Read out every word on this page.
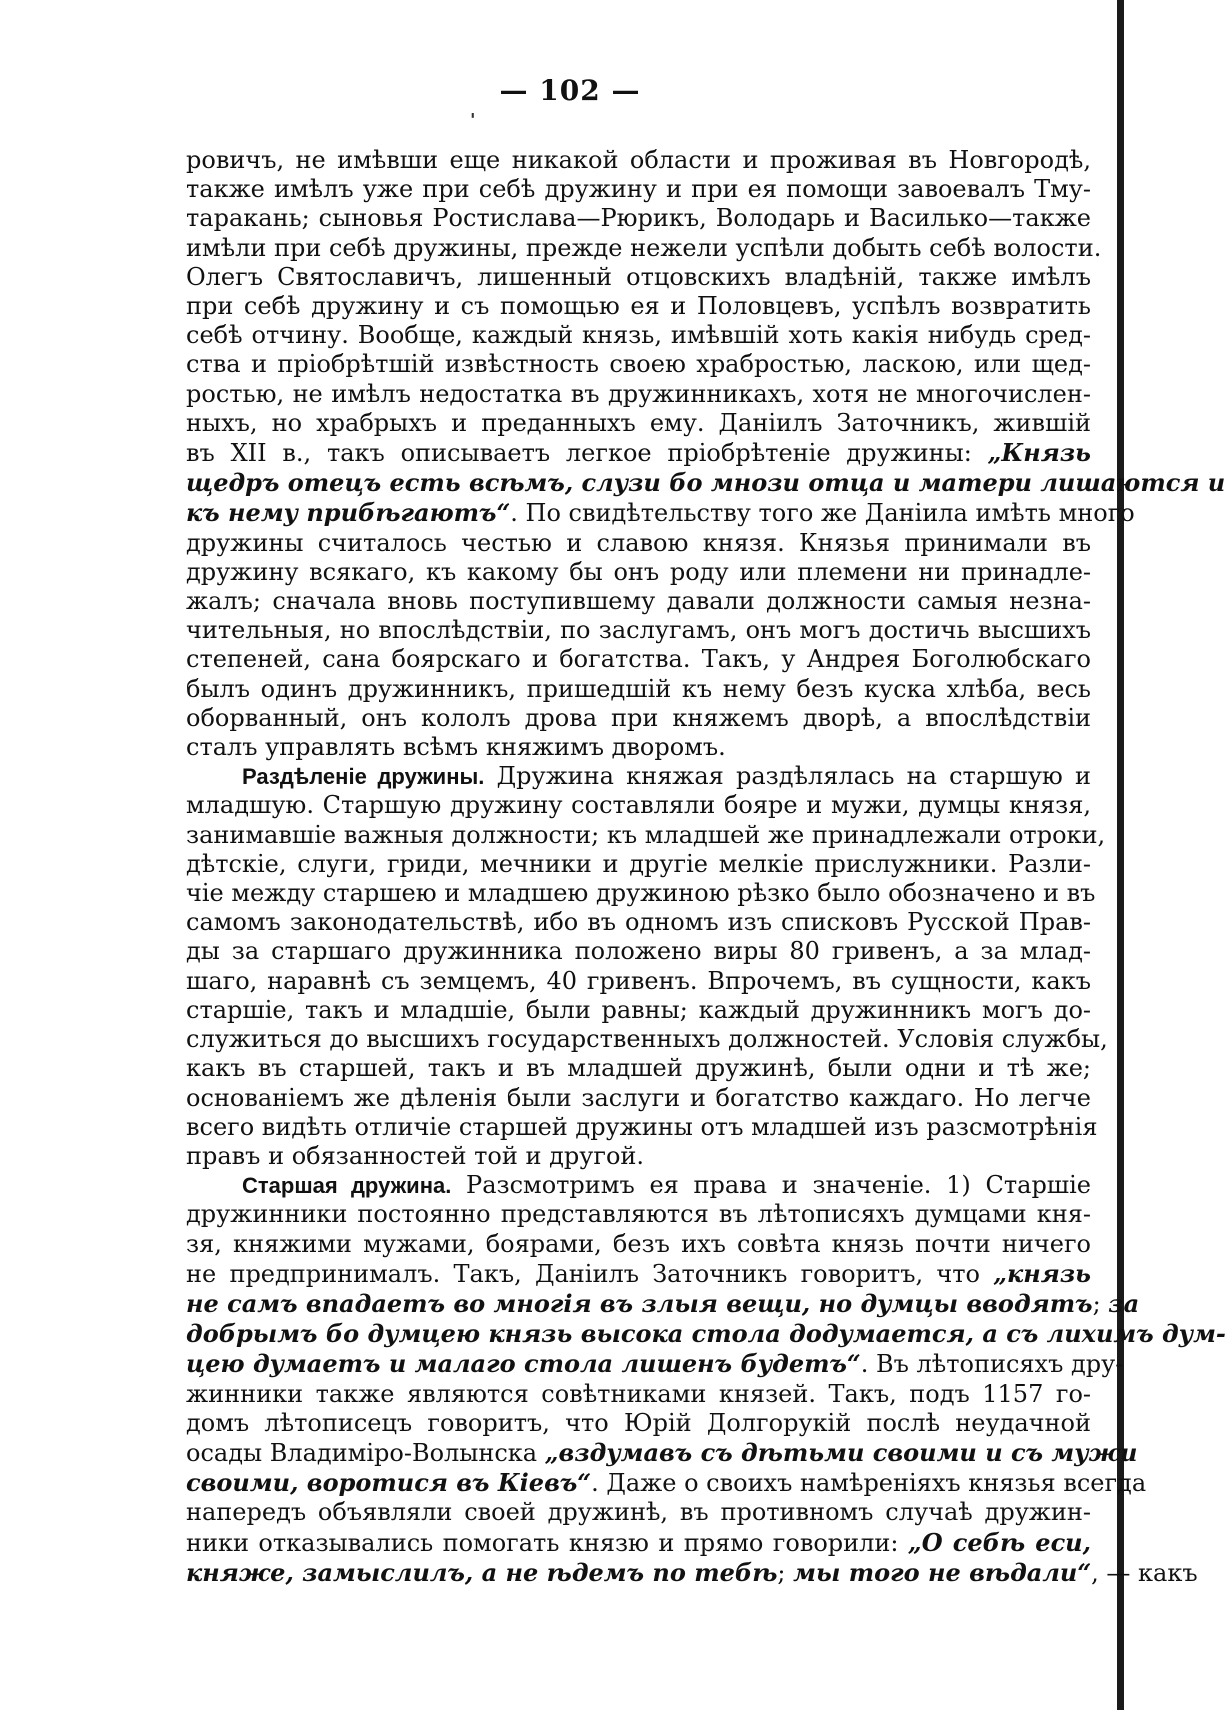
— 102 —
'
ровичъ, не имѣвши еще никакой области и проживая въ Новгородѣ,
также имѣлъ уже при себѣ дружину и при ея помощи завоевалъ Тму-
таракань; сыновья Ростислава—Рюрикъ, Володарь и Василько—также
имѣли при себѣ дружины, прежде нежели успѣли добыть себѣ волости.
Олегъ Святославичъ, лишенный отцовскихъ владѣній, также имѣлъ
при себѣ дружину и съ помощью ея и Половцевъ, успѣлъ возвратить
себѣ отчину. Вообще, каждый князь, имѣвшій хоть какія нибудь сред-
ства и пріобрѣтшій извѣстность своею храбростью, ласкою, или щед-
ростью, не имѣлъ недостатка въ дружинникахъ, хотя не многочислен-
ныхъ, но храбрыхъ и преданныхъ ему. Даніилъ Заточникъ, жившій
въ XII в., такъ описываетъ легкое пріобрѣтеніе дружины: „Князь
щедръ отецъ есть всѣмъ, слузи бо мнози отца и матери лишаются и
къ нему прибѣгаютъ“. По свидѣтельству того же Даніила имѣть много
дружины считалось честью и славою князя. Князья принимали въ
дружину всякаго, къ какому бы онъ роду или племени ни принадле-
жалъ; сначала вновь поступившему давали должности самыя незна-
чительныя, но впослѣдствіи, по заслугамъ, онъ могъ достичь высшихъ
степеней, сана боярскаго и богатства. Такъ, у Андрея Боголюбскаго
былъ одинъ дружинникъ, пришедшій къ нему безъ куска хлѣба, весь
оборванный, онъ кололъ дрова при княжемъ дворѣ, а впослѣдствіи
сталъ управлять всѣмъ княжимъ дворомъ.
Раздѣленіе дружины. Дружина княжая раздѣлялась на старшую и
младшую. Старшую дружину составляли бояре и мужи, думцы князя,
занимавшіе важныя должности; къ младшей же принадлежали отроки,
дѣтскіе, слуги, гриди, мечники и другіе мелкіе прислужники. Разли-
чіе между старшею и младшею дружиною рѣзко было обозначено и въ
самомъ законодательствѣ, ибо въ одномъ изъ списковъ Русской Прав-
ды за старшаго дружинника положено виры 80 гривенъ, а за млад-
шаго, наравнѣ съ земцемъ, 40 гривенъ. Впрочемъ, въ сущности, какъ
старшіе, такъ и младшіе, были равны; каждый дружинникъ могъ до-
служиться до высшихъ государственныхъ должностей. Условія службы,
какъ въ старшей, такъ и въ младшей дружинѣ, были одни и тѣ же;
основаніемъ же дѣленія были заслуги и богатство каждаго. Но легче
всего видѣть отличіе старшей дружины отъ младшей изъ разсмотрѣнія
правъ и обязанностей той и другой.
Старшая дружина. Разсмотримъ ея права и значеніе. 1) Старшіе
дружинники постоянно представляются въ лѣтописяхъ думцами кня-
зя, княжими мужами, боярами, безъ ихъ совѣта князь почти ничего
не предпринималъ. Такъ, Даніилъ Заточникъ говоритъ, что „князь
не самъ впадаетъ во многія въ злыя вещи, но думцы вводятъ; за
добрымъ бо думцею князь высока стола додумается, а съ лихимъ дум-
цею думаетъ и малаго стола лишенъ будетъ“. Въ лѣтописяхъ дру-
жинники также являются совѣтниками князей. Такъ, подъ 1157 го-
домъ лѣтописецъ говоритъ, что Юрій Долгорукій послѣ неудачной
осады Владиміро-Волынска „вздумавъ съ дѣтьми своими и съ мужи
своими, воротися въ Кіевъ“. Даже о своихъ намѣреніяхъ князья всегда
напередъ объявляли своей дружинѣ, въ противномъ случаѣ дружин-
ники отказывались помогать князю и прямо говорили: „О себѣ еси,
княже, замыслилъ, а не ѣдемъ по тебѣ; мы того не вѣдали“, — какъ
